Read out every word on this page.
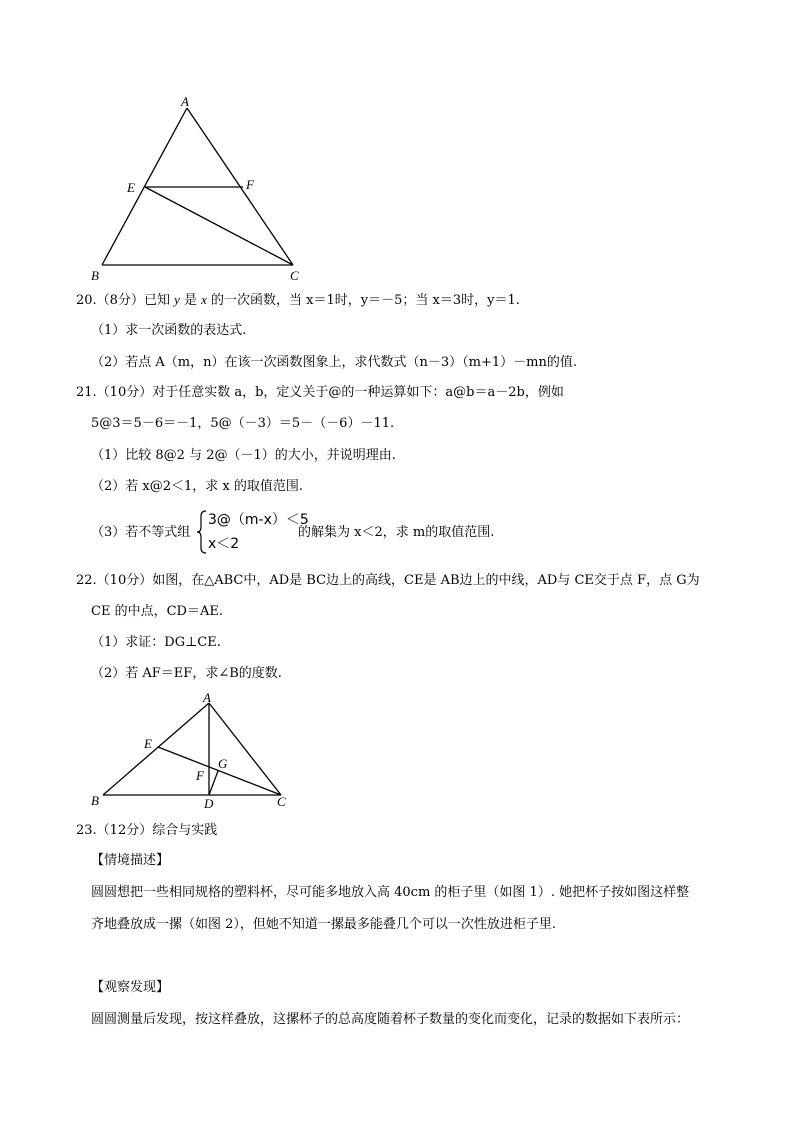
A
E	F
B	C
20.（8分）已知 y 是 x 的一次函数，当 x＝1时，y＝－5；当 x＝3时，y＝1.
（1）求一次函数的表达式.
（2）若点 A（m，n）在该一次函数图象上，求代数式（n－3）（m+1）－mn的值.
21.（10分）对于任意实数 a，b，定义关于@的一种运算如下：a@b＝a－2b，例如
5@3＝5－6＝－1，5@（－3）＝5－（－6）－11.
（1）比较 8@2 与 2@（－1）的大小，并说明理由.
（2）若 x@2＜1，求 x 的取值范围.
（3）若不等式组
3@（m-x）＜5
x＜2
的解集为 x＜2，求 m的取值范围.
22.（10分）如图，在△ABC中，AD是 BC边上的高线，CE是 AB边上的中线，AD与 CE交于点 F，点 G为
CE 的中点，CD＝AE.
（1）求证：DG⊥CE.
（2）若 AF＝EF，求∠B的度数.
A
E
G
F
B	D	C
23.（12分）综合与实践
【情境描述】
圆圆想把一些相同规格的塑料杯，尽可能多地放入高 40cm 的柜子里（如图 1）. 她把杯子按如图这样整
齐地叠放成一摞（如图 2），但她不知道一摞最多能叠几个可以一次性放进柜子里.
【观察发现】
圆圆测量后发现，按这样叠放，这摞杯子的总高度随着杯子数量的变化而变化，记录的数据如下表所示：
